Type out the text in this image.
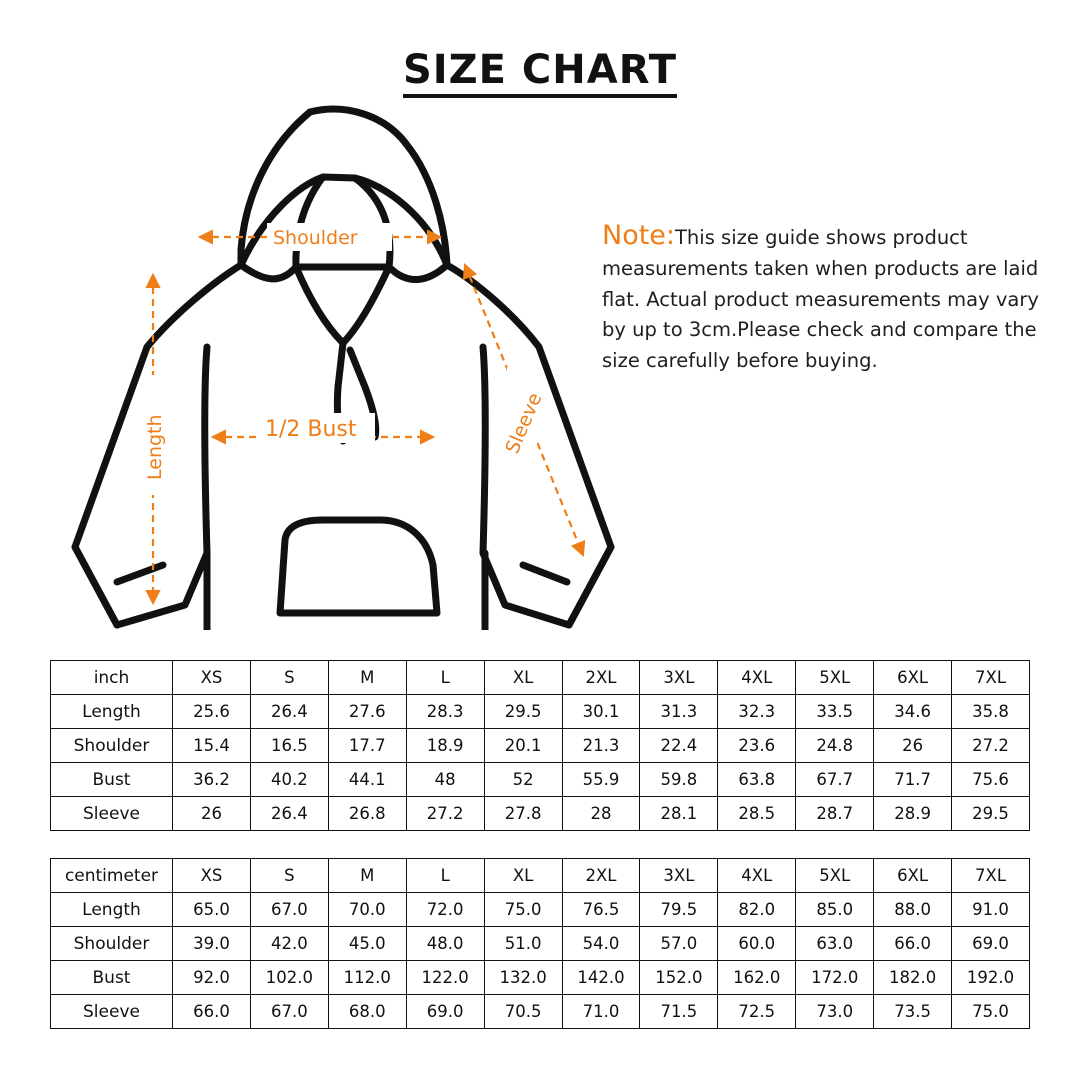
SIZE CHART
Shoulder
1/2 Bust
Length	Sleeve
Note:This size guide shows product measurements taken when products are laid flat. Actual product measurements may vary by up to 3cm.Please check and compare the size carefully before buying.
inch	XS	S	M	L	XL	2XL	3XL	4XL	5XL	6XL	7XL
Length	25.6	26.4	27.6	28.3	29.5	30.1	31.3	32.3	33.5	34.6	35.8
Shoulder	15.4	16.5	17.7	18.9	20.1	21.3	22.4	23.6	24.8	26	27.2
Bust	36.2	40.2	44.1	48	52	55.9	59.8	63.8	67.7	71.7	75.6
Sleeve	26	26.4	26.8	27.2	27.8	28	28.1	28.5	28.7	28.9	29.5
centimeter	XS	S	M	L	XL	2XL	3XL	4XL	5XL	6XL	7XL
Length	65.0	67.0	70.0	72.0	75.0	76.5	79.5	82.0	85.0	88.0	91.0
Shoulder	39.0	42.0	45.0	48.0	51.0	54.0	57.0	60.0	63.0	66.0	69.0
Bust	92.0	102.0	112.0	122.0	132.0	142.0	152.0	162.0	172.0	182.0	192.0
Sleeve	66.0	67.0	68.0	69.0	70.5	71.0	71.5	72.5	73.0	73.5	75.0
